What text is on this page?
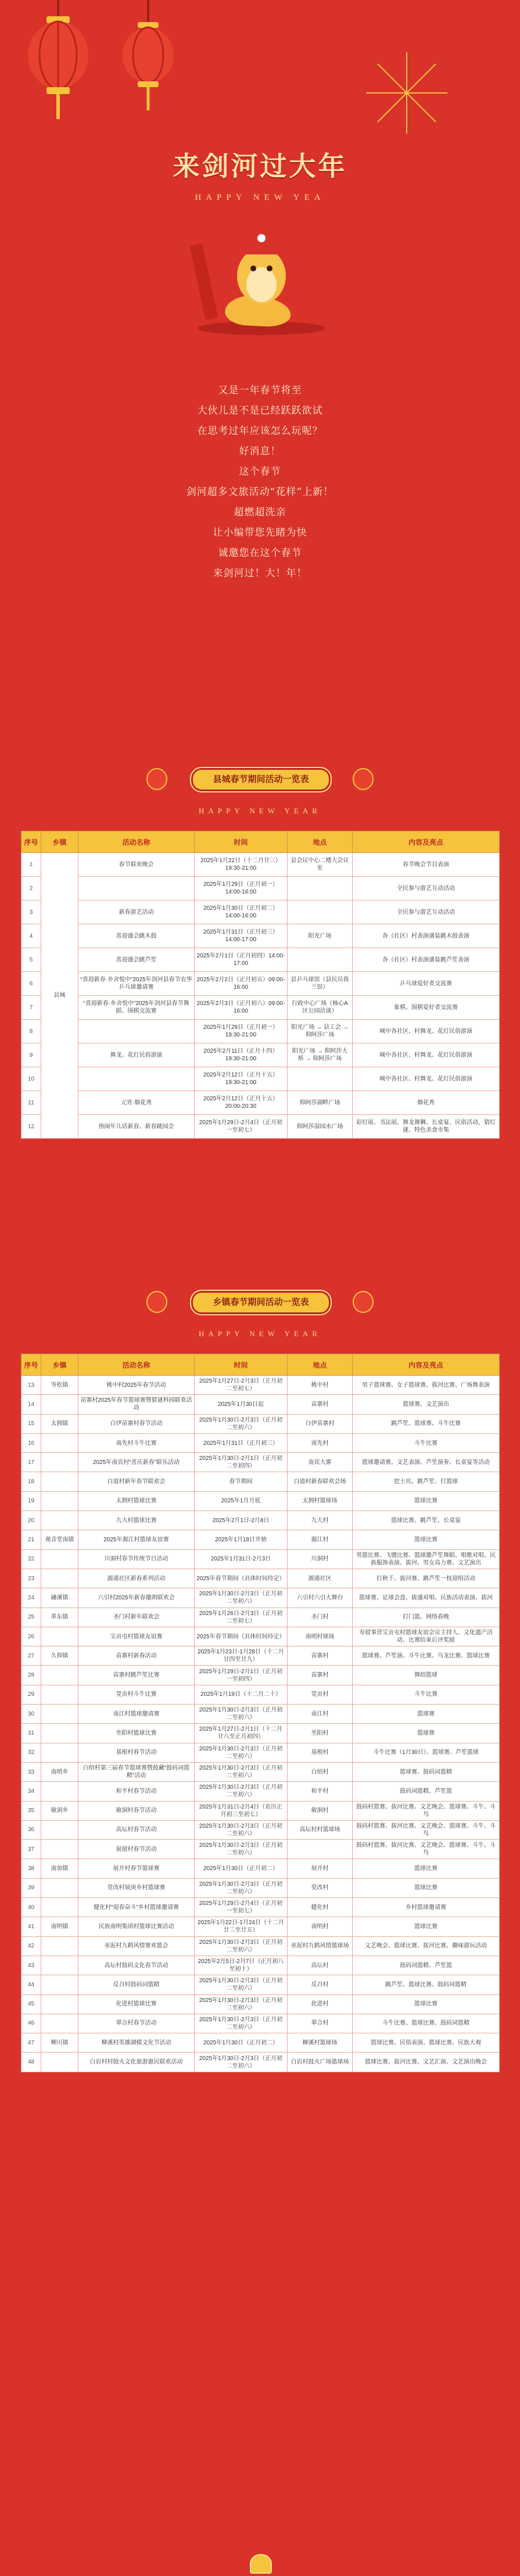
来剑河过大年
HAPPY NEW YEA
又是一年春节将至
大伙儿是不是已经跃跃欲试
在思考过年应该怎么玩呢？
好消息！
这个春节
剑河超多文旅活动“花样”上新！
超燃超洗亲
让小编带您先睹为快
诚邀您在这个春节
来剑河过！大！年！
县城春节期间活动一览表
HAPPY NEW YEAR
序号	乡镇	活动名称	时间	地点	内容及亮点
1	县城	春节联欢晚会	2025年1月22日（十二月廿三）19:30-21:00	县会议中心二楼大会议室	春节晚会节目表演
2			2025年1月29日（正月初一）14:00-16:00		全民参与游艺互动活动
3		新春游艺活动	2025年1月30日（正月初二）14:00-16:00		全民参与游艺互动活动
4		喜迎盛会跳木鼓	2025年1月31日（正月初三）14:00-17:00	阳光广场	各（社区）村表演盛装跳木鼓表演
5		喜迎盛会跳芦笙	2025年2月1日（正月初四）14:00-17:00		各（社区）村表演盛装跳芦笙表演
6		“喜迎新春·乡舍悦中”2025年剑河县春节农华乒乓球邀请赛	2025年2月2日（正月初五）09:00-16:00	县乒乓球馆（县民员我兰馆）	乒乓球爱好者交流赛
7		“喜迎新春·乡舍悦中”2025年剑河县春节舞蹈、围棋交流赛	2025年2月3日（正月初六）09:00-16:00	行政中心广场（核心A区公园洽谈）	象棋、围棋爱好者交流赛
8			2025年1月29日（正月初一）19:30-21:00	阳光广场 → 县工会 → 仰阿莎广场	城中各社区、村舞龙、花灯民俗游演
9		舞龙、花灯民俗游演	2025年2月11日（正月十四）19:30-21:00	阳光广场 → 仰阿莎大桥 → 仰阿莎广场	城中各社区、村舞龙、花灯民俗游演
10			2025年2月12日（正月十五）19:30-21:00		城中各社区、村舞龙、花灯民俗游演
11		元宵·烟花秀	2025年2月12日（正月十五）20:00-20:30	仰阿莎湖畔广场	烟花秀
12		热闹年儿话新春、新春跳园会	2025年1月29日-2月4日（正月初一至初七）	仰阿莎湿园水广场	彩灯展、书法展、舞龙舞狮、长桌宴、民俗活动，猜灯谜、特色美食市集
乡镇春节期间活动一览表
HAPPY NEW YEAR
序号	乡镇	活动名称	时间	地点	内容及亮点
13	岑松镇	桃中村2025年春节活动	2025年1月27日-2月3日（正月初二至初七）	桃中村	男子篮球赛、女子篮球赛、拔河比赛、广场舞表演
14		苗寨村2025年春节篮球赛暨猜谜科园联欢活动	2025年1月30日起	苗寨村	篮球赛、文艺演出
15	太拥镇	白伊苗寨村春节活动	2025年1月30日-2月3日（正月初二至初六）	白伊苗寨村	跳芦笙、篮球赛、斗牛比赛
16		南先村斗牛比赛	2025年1月31日（正月初三）	南先村	斗牛比赛
17		2025年南宾村“喜庆新春”联乐活动	2025年1月30日-2月1日（正月初二至初四）	南宾大寨	篮球邀请赛、文艺表演、芦笙演奏、长桌宴等活动
18		白道村新年春节联欢会	春节期间	白道村新春联欢会场	挖土坑、跳芦笙、打篮球
19		太拥村篮球比赛	2025年1月月底	太拥村篮球场	篮球比赛
20		九大村篮球比赛	2025年2月1日-2月8日	九大村	篮球比赛、跳芦笙、长桌宴
21	观音堂南镇	2025年源江村篮球友谊赛	2025年1月18日开始	源江村	篮球比赛
22		川洞村春节传统节日活动	2025年1月31日-2月3日	川洞村	男篮比赛、飞毽比赛、篮球邀芦笙舞蹈、唱歌对唱、民族服饰表演、拔河、男女高力赛、文艺演出
23		源通社区新春系列活动	2025年春节期间（具体时间待定）	源通社区	打秋千、拔河赛、跳芦笙一枝迎绢活动
24	磻溪镇	六引村2025年新春邀朗联欢会	2025年1月30日-2月3日（正月初二至初六）	六引村六引大舞台	篮球赛、足球会盘、拔盛对唱、民族活动表演、拔河
25	革东镇	圣门村新年联欢会	2025年1月26日-2月3日（正月初二至初七）	圣门村	打门篮、网络春晚
26		宝贡屯村篮球友谊赛	2025年春节期间（具体时间待定）	南哨村球场	寿驳事营宝贡屯村篮球友谊会议主持人、文化遗产活动、比赛结束后评奖励
27	久仰镇	苗寨村新春活动	2025年1月23日-1月28日（十二月廿四至廿九）	苗寨村	篮球赛、芦笙演、斗牛比赛、乌龙比赛、篮球比赛
28		苗寨村跳芦笙比赛	2025年1月29日-2月1日（正月初一至初四）	苗寨村	舞绍篮球
29		党贡村斗牛比赛	2025年1月19日（十二月二十）	党贡村	斗牛比赛
30		南江村篮球邀请赛	2025年1月30日-2月3日（正月初二至初六）	南江村	篮球赛
31		坐阳村篮球比赛	2025年1月27日-2月1日（十二月廿八至正月初四）	坐阳村	篮球赛
32		基根村春节活动	2025年1月30日-2月3日（正月初二至初六）	基根村	斗牛比赛（1月30日）、篮球赛、芦笙篮球
33	南哨乡	白绍村第三届春节篮球赛暨鼓藏“鼓码词篮精”活动	2025年1月30日-2月3日（正月初二至初六）	白绍村	篮球赛、鼓码词篮精
34		和平村春节活动	2025年1月30日-2月3日（正月初二至初六）	和平村	鼓码词篮精、芦笙篮
35	敏洞乡	敏洞村春节活动	2025年1月31日-2月4日（农历正月初三至初七）	敏洞村	鼓码村篮赛、拔河比赛、文艺晚会、篮球赛、斗牛、斗鸟
36		高坛村春节活动	2025年1月30日-2月3日（正月初二至初六）	高坛村村篮球场	鼓码村篮赛、拔河比赛、文艺晚会、篮球赛、斗牛、斗鸟
37		展留村春节活动	2025年1月30日-2月3日（正月初二至初六）		鼓码村篮赛、拔河比赛、文艺晚会、篮球赛、斗牛、斗鸟
38	南加镇	展开村春节篮球赛	2025年1月30日（正月初二）	展开村	篮球比赛
39		党改村展庚乡村篮球赛	2025年1月30日-2月3日（正月初二至初六）	党改村	篮球比赛
40		健化村“迎春奋斗”乡村篮球邀请赛	2025年1月29日-2月4日（正月初一至初七）	健化村	乡村篮球邀请赛
41	南明镇	民族南明集团村篮球比赛活动	2025年1月22日-1月24日（十二月廿三至廿五）	南明村	篮球比赛
42		巫泥村九鹤风情赛欢篮会	2025年1月30日-2月3日（正月初二至初六）	巫泥村九鹤风情篮球场	文艺晚会、篮球比赛、拔河比赛、趣味游玩活动
43		高坛村鼓码文化春节活动	2025年2月5日-2月7日（正月初八至初十）	高坛村	鼓码词篮精、芦笙篮
44		反召村鼓码词篮精	2025年1月30日-2月3日（正月初二至初六）	反召村	跳芦笙、篮球比赛、鼓码词篮精
45		化进村篮球比赛	2025年1月30日-2月3日（正月初二至初六）	化进村	篮球比赛
46		翠合村春节活动	2025年1月30日-2月3日（正月初二至初六）	翠合村	斗牛比赛、篮球比赛、鼓码词篮精
47	柳川镇	柳溪村英雄湖模文化节活动	2025年1月30日（正月初二）	柳溪村篮球场	篮球比赛、民俗表演、篮球比赛、民族大观
48		白岩村村鼓火文化旅游惠民联欢活动	2025年1月30日-2月3日（正月初二至初六）	白岩村鼓火广场篮球场	篮球比赛、拔河比赛、文艺汇演、文艺演出晚会
